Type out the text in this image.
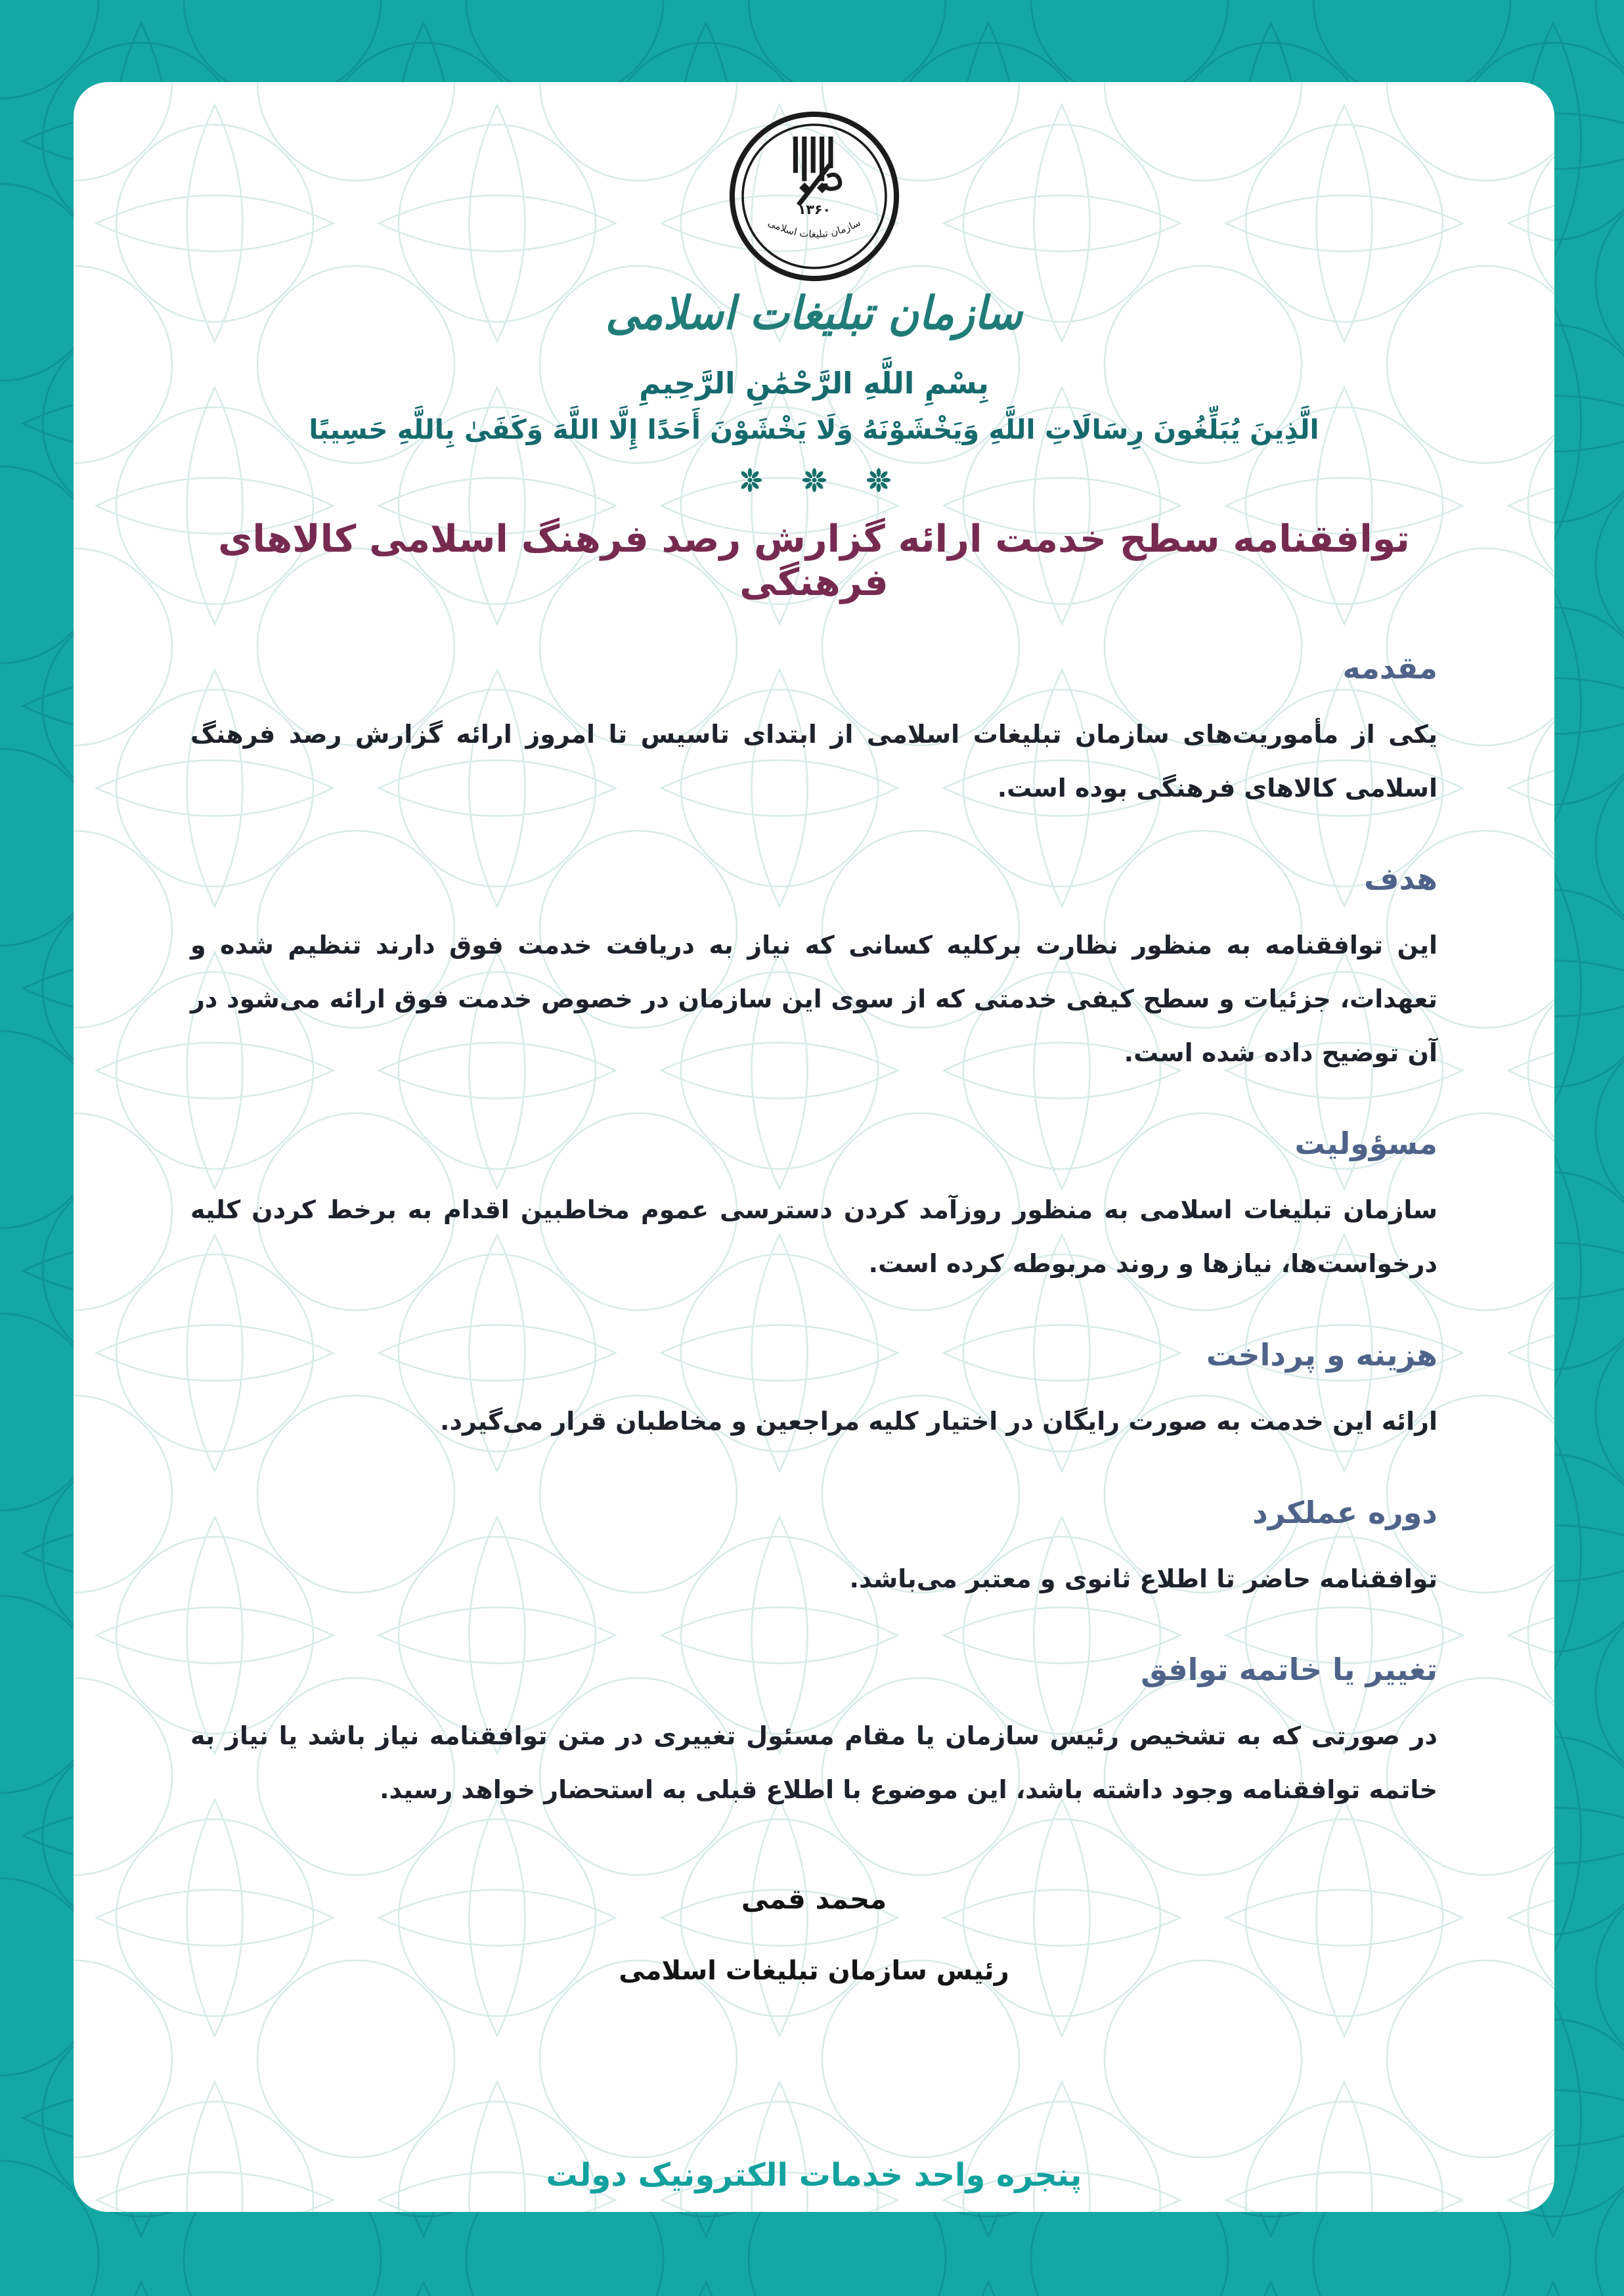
۱۳۶۰
سازمان تبلیغات اسلامی
سازمان تبلیغات اسلامی
بِسْمِ اللَّهِ الرَّحْمَٰنِ الرَّحِيمِ
الَّذِينَ يُبَلِّغُونَ رِسَالَاتِ اللَّهِ وَيَخْشَوْنَهُ وَلَا يَخْشَوْنَ أَحَدًا إِلَّا اللَّهَ وَكَفَىٰ بِاللَّهِ حَسِيبًا
توافقنامه سطح خدمت ارائه گزارش رصد فرهنگ اسلامی کالاهای فرهنگی
مقدمه

یکی از مأموریت‌های سازمان تبلیغات اسلامی از ابتدای تاسیس تا امروز ارائه گزارش رصد فرهنگ اسلامی کالاهای فرهنگی بوده است.

هدف

این توافقنامه به منظور نظارت برکلیه کسانی که نیاز به دریافت خدمت فوق دارند تنظیم شده و تعهدات، جزئیات و سطح کیفی خدمتی که از سوی این سازمان در خصوص خدمت فوق ارائه می‌شود در آن توضیح داده شده است.

مسؤولیت

سازمان تبلیغات اسلامی به منظور روزآمد کردن دسترسی عموم مخاطبین اقدام به برخط کردن کلیه درخواست‌ها، نیازها و روند مربوطه کرده است.

هزینه و پرداخت

ارائه این خدمت به صورت رایگان در اختیار کلیه مراجعین و مخاطبان قرار می‌گیرد.

دوره عملکرد

توافقنامه حاضر تا اطلاع ثانوی و معتبر می‌باشد.

تغییر یا خاتمه توافق

در صورتی که به تشخیص رئیس سازمان یا مقام مسئول تغییری در متن توافقنامه نیاز باشد یا نیاز به خاتمه توافقنامه وجود داشته باشد، این موضوع با اطلاع قبلی به استحضار خواهد رسید.

محمد قمی
رئیس سازمان تبلیغات اسلامی
پنجره واحد خدمات الکترونیک دولت
